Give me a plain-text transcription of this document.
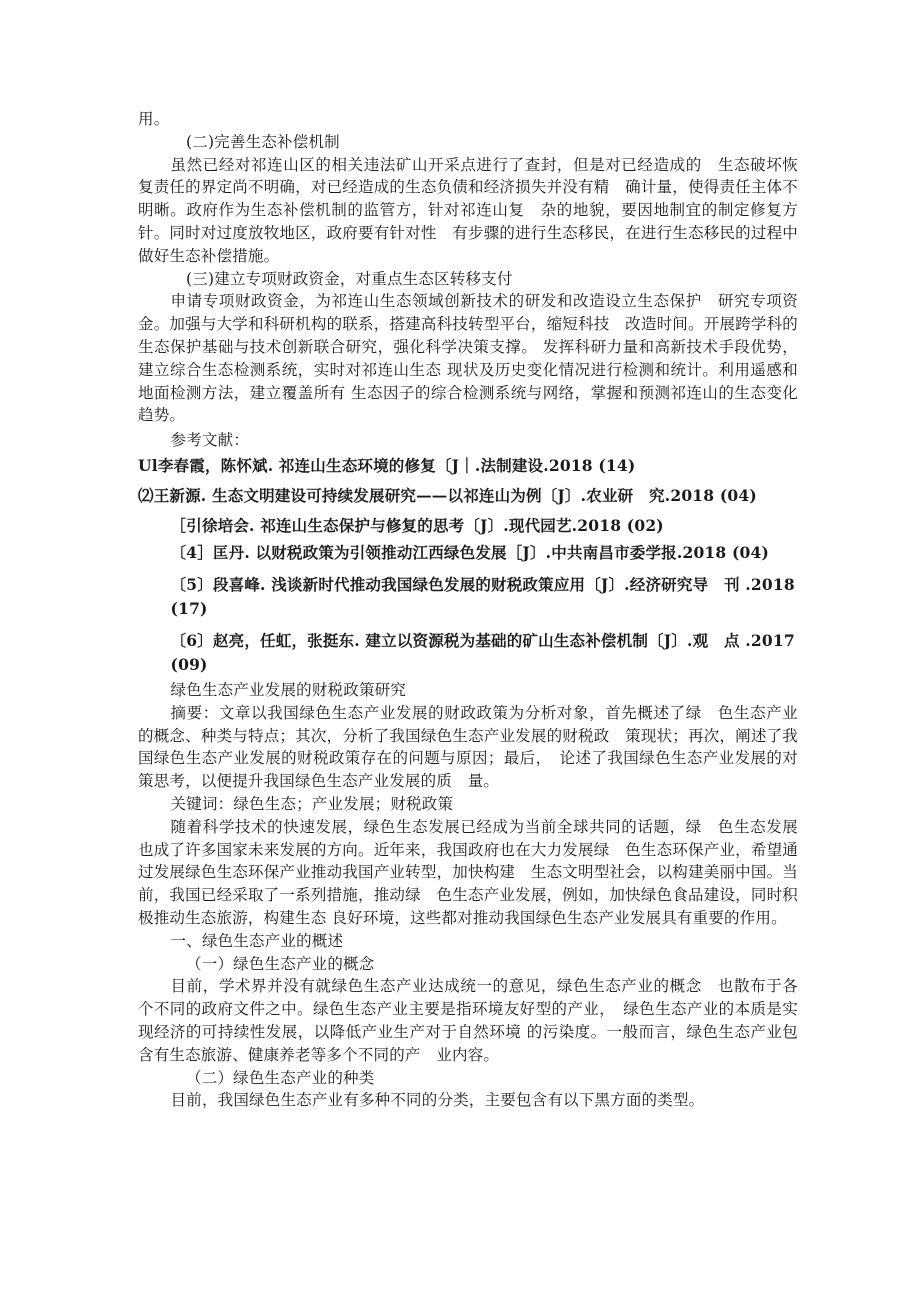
用。

(二)完善生态补偿机制

虽然已经对祁连山区的相关违法矿山开采点进行了查封，但是对已经造成的　生态破坏恢复责任的界定尚不明确，对已经造成的生态负债和经济损失并没有精　确计量，使得责任主体不明晰。政府作为生态补偿机制的监管方，针对祁连山复　杂的地貌，要因地制宜的制定修复方针。同时对过度放牧地区，政府要有针对性　有步骤的进行生态移民，在进行生态移民的过程中做好生态补偿措施。

(三)建立专项财政资金，对重点生态区转移支付

申请专项财政资金，为祁连山生态领域创新技术的研发和改造设立生态保护　研究专项资金。加强与大学和科研机构的联系，搭建高科技转型平台，缩短科技　改造时间。开展跨学科的生态保护基础与技术创新联合研究，强化科学决策支撑。 发挥科研力量和高新技术手段优势，建立综合生态检测系统，实时对祁连山生态 现状及历史变化情况进行检测和统计。利用遥感和地面检测方法，建立覆盖所有 生态因子的综合检测系统与网络，掌握和预测祁连山的生态变化趋势。

参考文献：

Ul李春霞，陈怀斌. 祁连山生态环境的修复〔J｜.法制建设.2018 (14)

⑵王新源. 生态文明建设可持续发展研究——以祁连山为例〔J〕.农业研　究.2018 (04)

［引徐培会. 祁连山生态保护与修复的思考〔J〕.现代园艺.2018 (02)

〔4］匡丹. 以财税政策为引领推动江西绿色发展［J〕.中共南昌市委学报.2018 (04)

〔5〕段喜峰. 浅谈新时代推动我国绿色发展的财税政策应用〔J〕.经济研究导　刊 .2018 (17)

〔6〕赵亮，任虹，张挺东. 建立以资源税为基础的矿山生态补偿机制〔J〕.观　点 .2017 (09)

绿色生态产业发展的财税政策研究

摘要：文章以我国绿色生态产业发展的财政政策为分析对象，首先概述了绿　色生态产业的概念、种类与特点；其次，分析了我国绿色生态产业发展的财税政　策现状；再次，阐述了我国绿色生态产业发展的财税政策存在的问题与原因；最后，　论述了我国绿色生态产业发展的对策思考，以便提升我国绿色生态产业发展的质　量。

关键词：绿色生态；产业发展；财税政策

随着科学技术的快速发展，绿色生态发展已经成为当前全球共同的话题，绿　色生态发展也成了许多国家未来发展的方向。近年来，我国政府也在大力发展绿　色生态环保产业，希望通过发展绿色生态环保产业推动我国产业转型，加快构建　生态文明型社会，以构建美丽中国。当前，我国已经采取了一系列措施，推动绿　色生态产业发展，例如，加快绿色食品建设，同时积极推动生态旅游，构建生态 良好环境，这些都对推动我国绿色生态产业发展具有重要的作用。

一、绿色生态产业的概述

（一）绿色生态产业的概念

目前，学术界并没有就绿色生态产业达成统一的意见，绿色生态产业的概念　也散布于各个不同的政府文件之中。绿色生态产业主要是指环境友好型的产业，　绿色生态产业的本质是实现经济的可持续性发展，以降低产业生产对于自然环境 的污染度。一般而言，绿色生态产业包含有生态旅游、健康养老等多个不同的产　业内容。

（二）绿色生态产业的种类

目前，我国绿色生态产业有多种不同的分类，主要包含有以下黑方面的类型。
